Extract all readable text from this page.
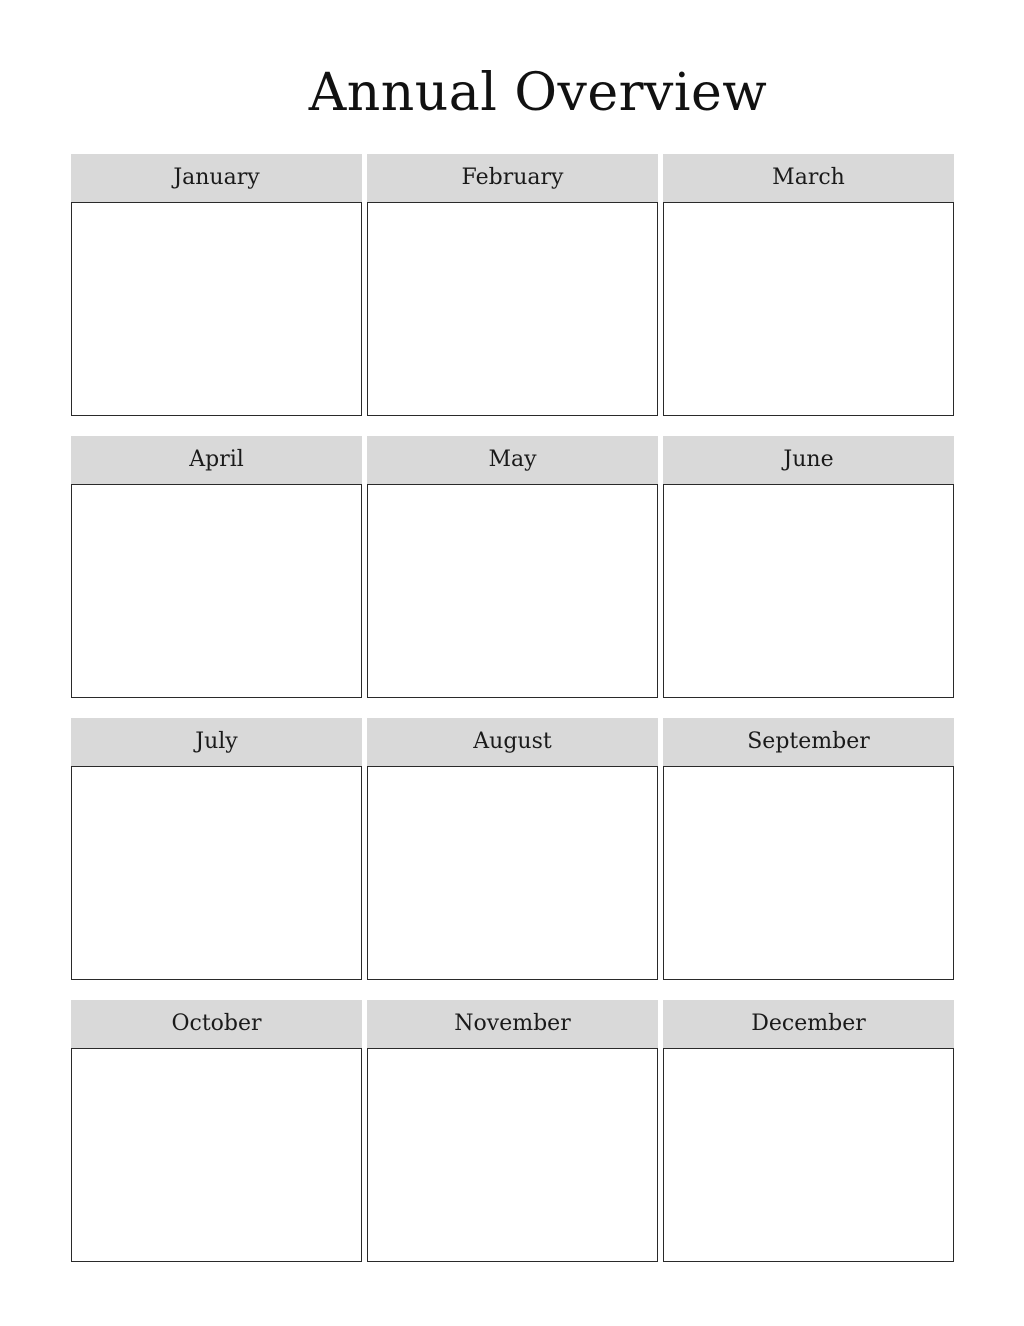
Annual Overview
January	February	March
April	May	June
July	August	September
October	November	December
